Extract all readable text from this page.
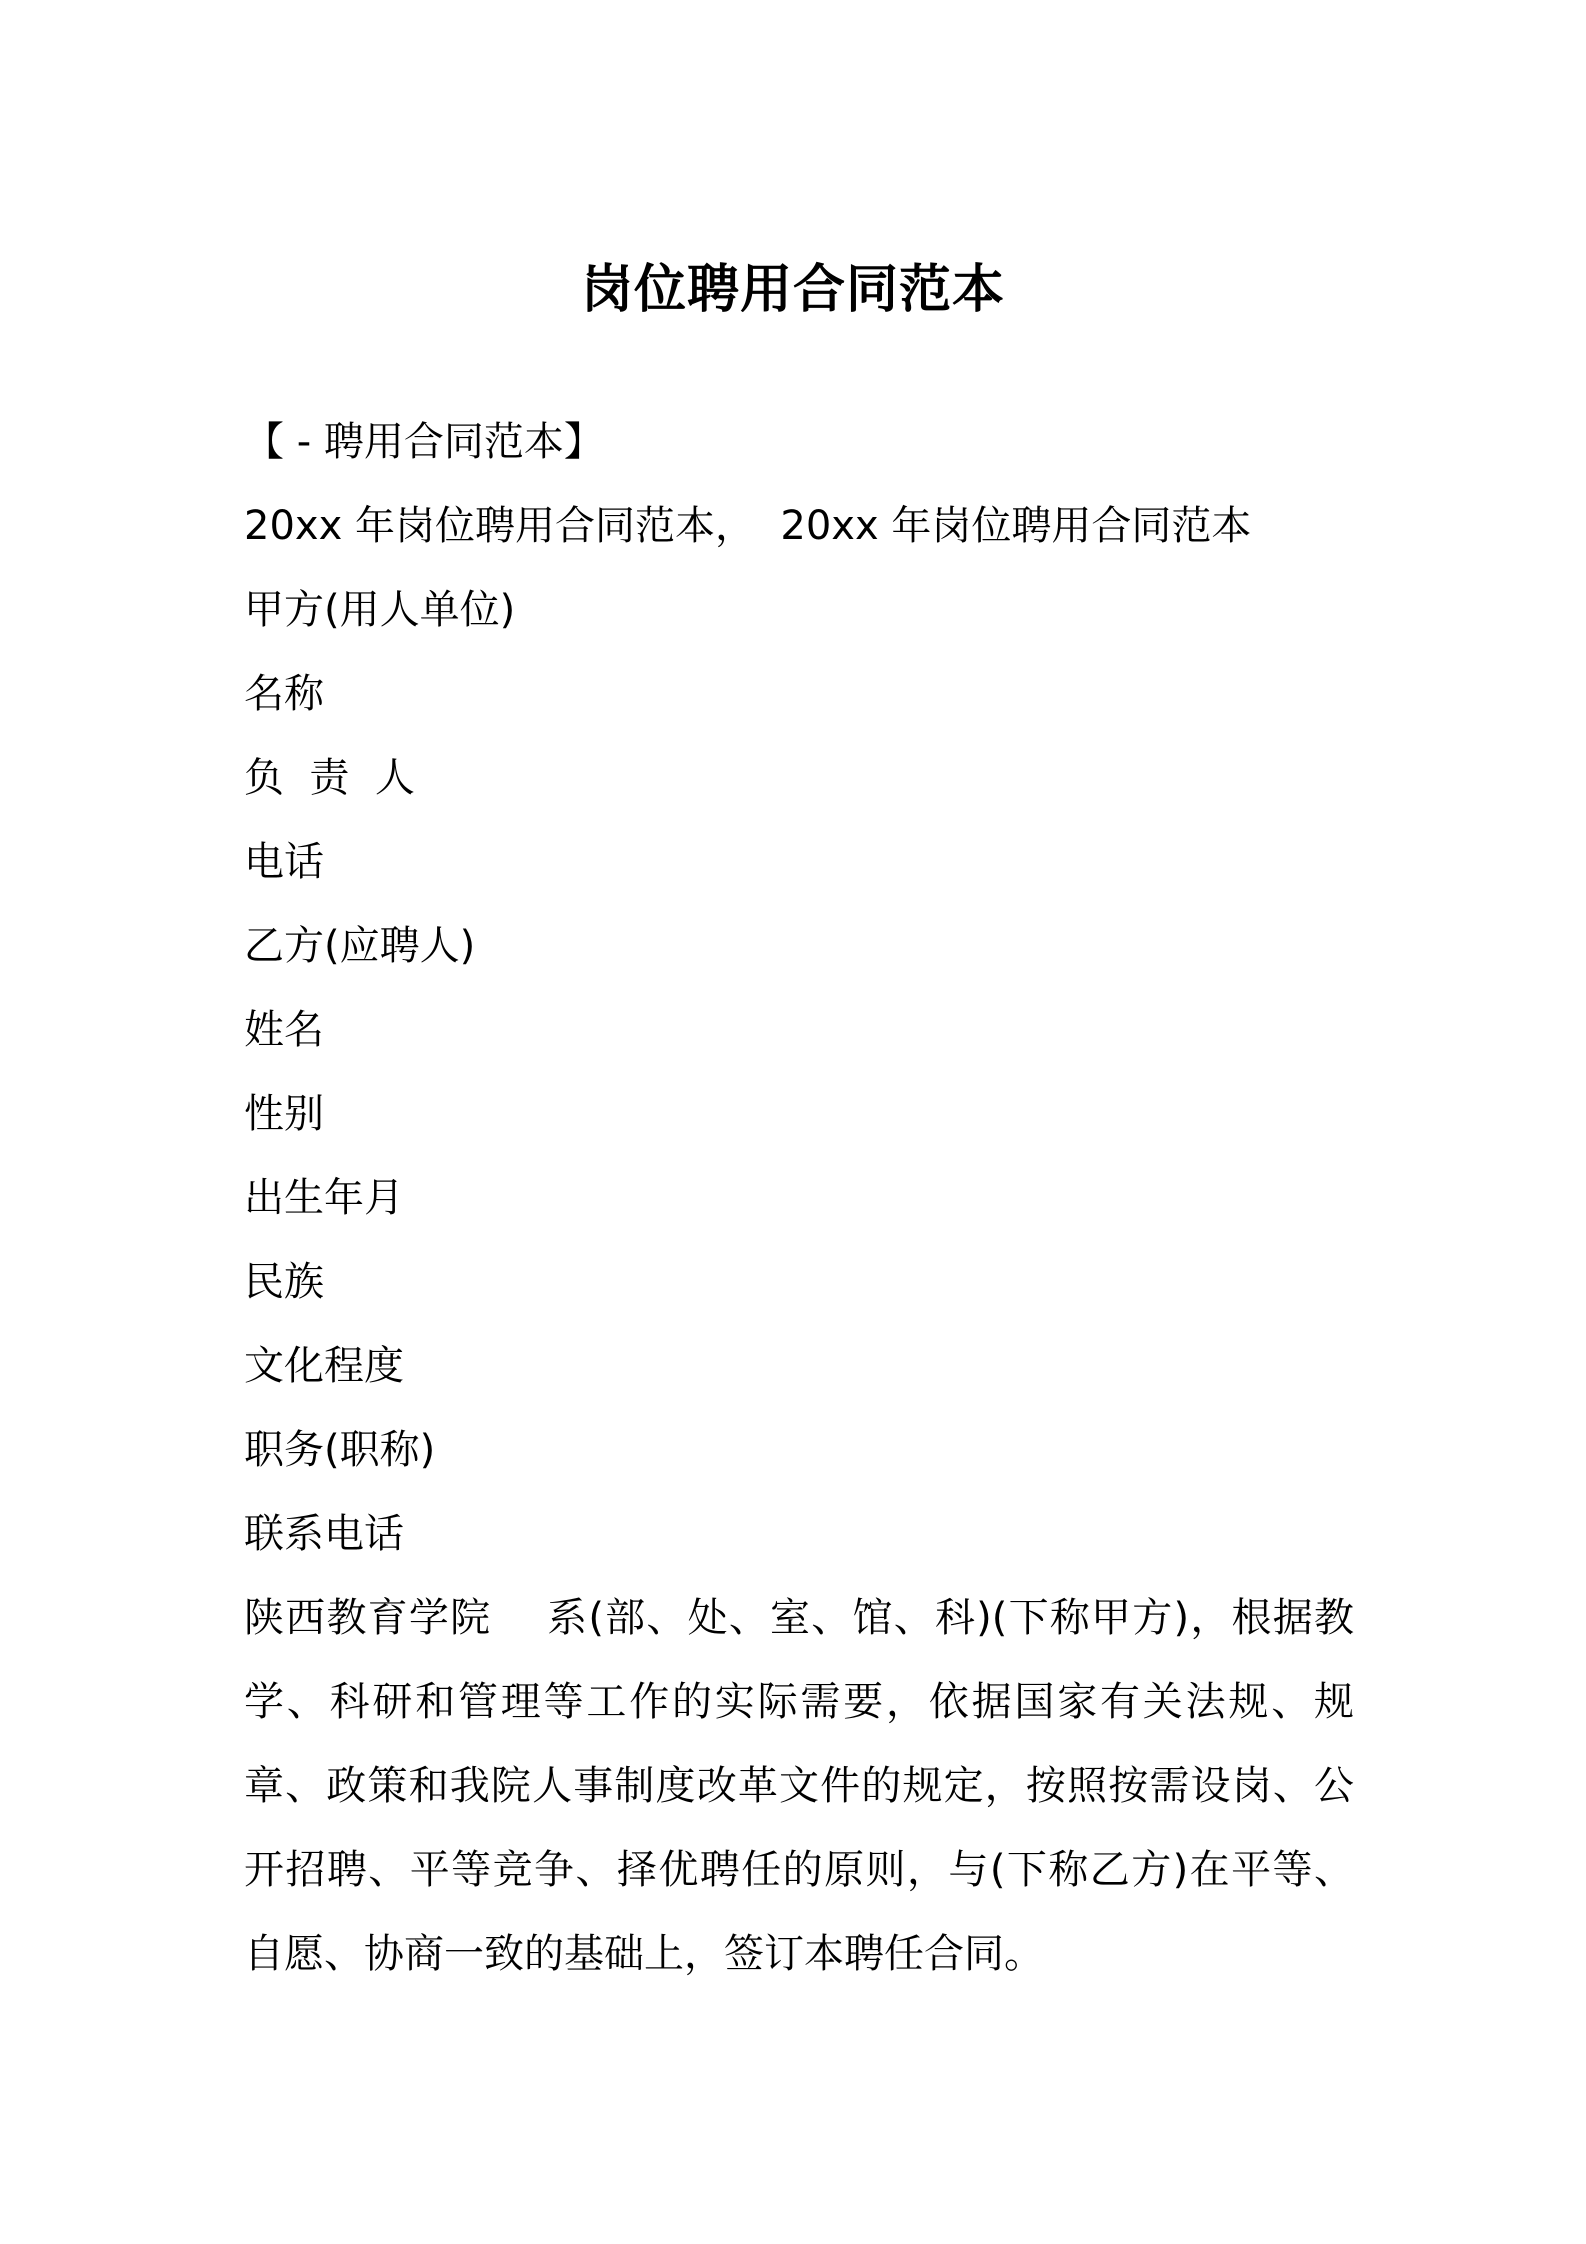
岗位聘用合同范本

【 - 聘用合同范本】

20xx 年岗位聘用合同范本，  20xx 年岗位聘用合同范本

甲方(用人单位)

名称

负  责  人

电话

乙方(应聘人)

姓名

性别

出生年月

民族

文化程度

职务(职称)

联系电话

陕西教育学院    系(部、处、室、馆、科)(下称甲方)，根据教学、科研和管理等工作的实际需要，依据国家有关法规、规章、政策和我院人事制度改革文件的规定，按照按需设岗、公开招聘、平等竞争、择优聘任的原则，与(下称乙方)在平等、自愿、协商一致的基础上，签订本聘任合同。
